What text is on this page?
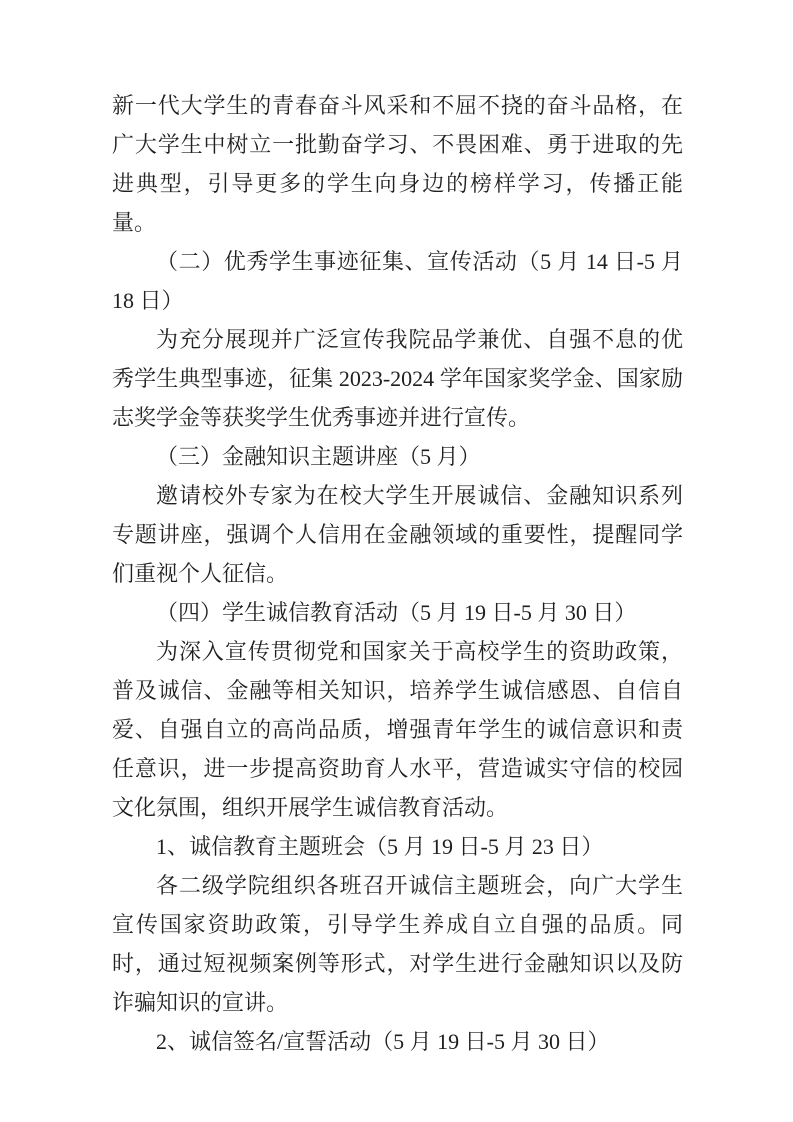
新一代大学生的青春奋斗风采和不屈不挠的奋斗品格，在广大学生中树立一批勤奋学习、不畏困难、勇于进取的先进典型，引导更多的学生向身边的榜样学习，传播正能量。

（二）优秀学生事迹征集、宣传活动（5 月 14 日-5 月 18 日）

为充分展现并广泛宣传我院品学兼优、自强不息的优秀学生典型事迹，征集 2023-2024 学年国家奖学金、国家励志奖学金等获奖学生优秀事迹并进行宣传。

（三）金融知识主题讲座（5 月）

邀请校外专家为在校大学生开展诚信、金融知识系列专题讲座，强调个人信用在金融领域的重要性，提醒同学们重视个人征信。

（四）学生诚信教育活动（5 月 19 日-5 月 30 日）

为深入宣传贯彻党和国家关于高校学生的资助政策，普及诚信、金融等相关知识，培养学生诚信感恩、自信自爱、自强自立的高尚品质，增强青年学生的诚信意识和责任意识，进一步提高资助育人水平，营造诚实守信的校园文化氛围，组织开展学生诚信教育活动。

1、诚信教育主题班会（5 月 19 日-5 月 23 日）

各二级学院组织各班召开诚信主题班会，向广大学生宣传国家资助政策，引导学生养成自立自强的品质。同时，通过短视频案例等形式，对学生进行金融知识以及防诈骗知识的宣讲。

2、诚信签名/宣誓活动（5 月 19 日-5 月 30 日）
